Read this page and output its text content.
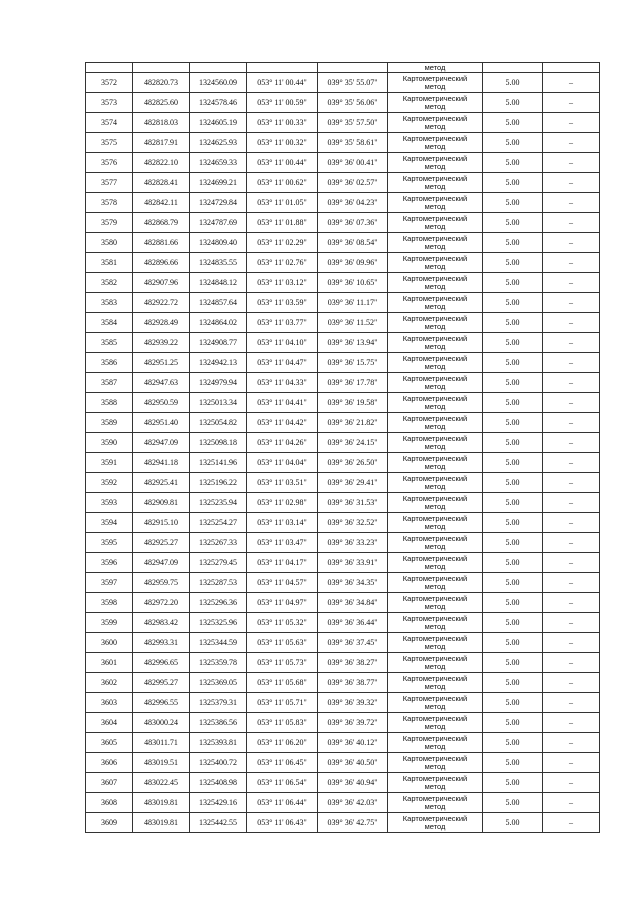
					метод		

3572	482820.73	1324560.09	053° 11' 00.44"	039° 35' 55.07"	Картометрический
метод	5.00	–
3573	482825.60	1324578.46	053° 11' 00.59"	039° 35' 56.06"	Картометрический
метод	5.00	–
3574	482818.03	1324605.19	053° 11' 00.33"	039° 35' 57.50"	Картометрический
метод	5.00	–
3575	482817.91	1324625.93	053° 11' 00.32"	039° 35' 58.61"	Картометрический
метод	5.00	–
3576	482822.10	1324659.33	053° 11' 00.44"	039° 36' 00.41"	Картометрический
метод	5.00	–
3577	482828.41	1324699.21	053° 11' 00.62"	039° 36' 02.57"	Картометрический
метод	5.00	–
3578	482842.11	1324729.84	053° 11' 01.05"	039° 36' 04.23"	Картометрический
метод	5.00	–
3579	482868.79	1324787.69	053° 11' 01.88"	039° 36' 07.36"	Картометрический
метод	5.00	–
3580	482881.66	1324809.40	053° 11' 02.29"	039° 36' 08.54"	Картометрический
метод	5.00	–
3581	482896.66	1324835.55	053° 11' 02.76"	039° 36' 09.96"	Картометрический
метод	5.00	–
3582	482907.96	1324848.12	053° 11' 03.12"	039° 36' 10.65"	Картометрический
метод	5.00	–
3583	482922.72	1324857.64	053° 11' 03.59"	039° 36' 11.17"	Картометрический
метод	5.00	–
3584	482928.49	1324864.02	053° 11' 03.77"	039° 36' 11.52"	Картометрический
метод	5.00	–
3585	482939.22	1324908.77	053° 11' 04.10"	039° 36' 13.94"	Картометрический
метод	5.00	–
3586	482951.25	1324942.13	053° 11' 04.47"	039° 36' 15.75"	Картометрический
метод	5.00	–
3587	482947.63	1324979.94	053° 11' 04.33"	039° 36' 17.78"	Картометрический
метод	5.00	–
3588	482950.59	1325013.34	053° 11' 04.41"	039° 36' 19.58"	Картометрический
метод	5.00	–
3589	482951.40	1325054.82	053° 11' 04.42"	039° 36' 21.82"	Картометрический
метод	5.00	–
3590	482947.09	1325098.18	053° 11' 04.26"	039° 36' 24.15"	Картометрический
метод	5.00	–
3591	482941.18	1325141.96	053° 11' 04.04"	039° 36' 26.50"	Картометрический
метод	5.00	–
3592	482925.41	1325196.22	053° 11' 03.51"	039° 36' 29.41"	Картометрический
метод	5.00	–
3593	482909.81	1325235.94	053° 11' 02.98"	039° 36' 31.53"	Картометрический
метод	5.00	–
3594	482915.10	1325254.27	053° 11' 03.14"	039° 36' 32.52"	Картометрический
метод	5.00	–
3595	482925.27	1325267.33	053° 11' 03.47"	039° 36' 33.23"	Картометрический
метод	5.00	–
3596	482947.09	1325279.45	053° 11' 04.17"	039° 36' 33.91"	Картометрический
метод	5.00	–
3597	482959.75	1325287.53	053° 11' 04.57"	039° 36' 34.35"	Картометрический
метод	5.00	–
3598	482972.20	1325296.36	053° 11' 04.97"	039° 36' 34.84"	Картометрический
метод	5.00	–
3599	482983.42	1325325.96	053° 11' 05.32"	039° 36' 36.44"	Картометрический
метод	5.00	–
3600	482993.31	1325344.59	053° 11' 05.63"	039° 36' 37.45"	Картометрический
метод	5.00	–
3601	482996.65	1325359.78	053° 11' 05.73"	039° 36' 38.27"	Картометрический
метод	5.00	–
3602	482995.27	1325369.05	053° 11' 05.68"	039° 36' 38.77"	Картометрический
метод	5.00	–
3603	482996.55	1325379.31	053° 11' 05.71"	039° 36' 39.32"	Картометрический
метод	5.00	–
3604	483000.24	1325386.56	053° 11' 05.83"	039° 36' 39.72"	Картометрический
метод	5.00	–
3605	483011.71	1325393.81	053° 11' 06.20"	039° 36' 40.12"	Картометрический
метод	5.00	–
3606	483019.51	1325400.72	053° 11' 06.45"	039° 36' 40.50"	Картометрический
метод	5.00	–
3607	483022.45	1325408.98	053° 11' 06.54"	039° 36' 40.94"	Картометрический
метод	5.00	–
3608	483019.81	1325429.16	053° 11' 06.44"	039° 36' 42.03"	Картометрический
метод	5.00	–
3609	483019.81	1325442.55	053° 11' 06.43"	039° 36' 42.75"	Картометрический
метод	5.00	–
